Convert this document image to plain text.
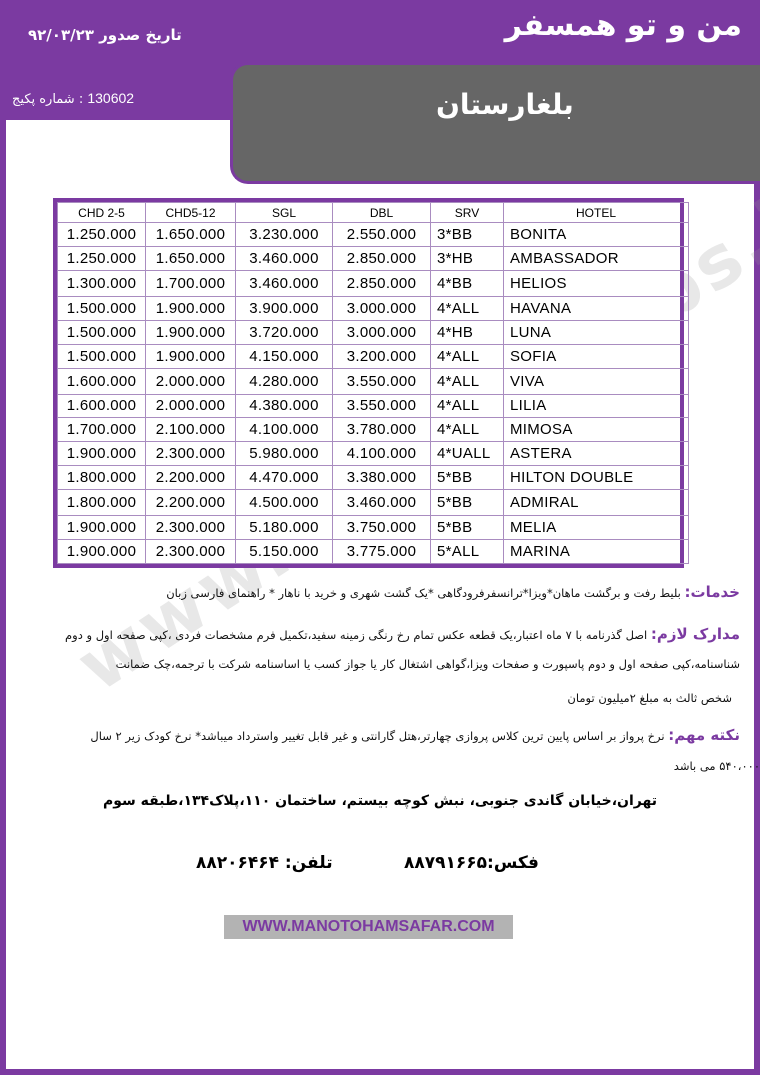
من و تو همسفر
تاریخ صدور ۹۲/۰۳/۲۳
130602 : شماره پکیج	بلغارستان
CHD 2-5	CHD5-12	SGL	DBL	SRV	HOTEL
1.250.000	1.650.000	3.230.000	2.550.000	3*BB	BONITA
1.250.000	1.650.000	3.460.000	2.850.000	3*HB	AMBASSADOR
1.300.000	1.700.000	3.460.000	2.850.000	4*BB	HELIOS
1.500.000	1.900.000	3.900.000	3.000.000	4*ALL	HAVANA
1.500.000	1.900.000	3.720.000	3.000.000	4*HB	LUNA
1.500.000	1.900.000	4.150.000	3.200.000	4*ALL	SOFIA
1.600.000	2.000.000	4.280.000	3.550.000	4*ALL	VIVA
1.600.000	2.000.000	4.380.000	3.550.000	4*ALL	LILIA
1.700.000	2.100.000	4.100.000	3.780.000	4*ALL	MIMOSA
1.900.000	2.300.000	5.980.000	4.100.000	4*UALL	ASTERA
1.800.000	2.200.000	4.470.000	3.380.000	5*BB	HILTON DOUBLE
1.800.000	2.200.000	4.500.000	3.460.000	5*BB	ADMIRAL
1.900.000	2.300.000	5.180.000	3.750.000	5*BB	MELIA
1.900.000	2.300.000	5.150.000	3.775.000	5*ALL	MARINA
خدمات: بلیط رفت و برگشت ماهان*ویزا*ترانسفرفرودگاهی *یک گشت شهری و خرید با ناهار * راهنمای فارسی زبان
مدارک لازم: اصل گذرنامه با ۷ ماه اعتبار،یک قطعه عکس تمام رخ رنگی زمینه سفید،تکمیل فرم مشخصات فردی ،کپی صفحه اول و دوم
شناسنامه،کپی صفحه اول و دوم پاسپورت و صفحات ویزا،گواهی اشتغال کار یا جواز کسب یا اساسنامه شرکت با ترجمه،چک ضمانت
شخص ثالث به مبلغ ۲میلیون تومان
نکته مهم: نرخ پرواز بر اساس پایین ترین کلاس پروازی چهارتر،هتل گارانتی و غیر قابل تغییر واسترداد میباشد* نرخ کودک زیر ۲ سال
۵۴۰،۰۰۰ می باشد
تهران،خیابان گاندی جنوبی، نبش کوچه بیستم، ساختمان ۱۱۰،پلاک۱۳۴،طبقه سوم
تلفن: ۸۸۲۰۶۴۶۴	فکس:۸۸۷۹۱۶۶۵
WWW.MANOTOHAMSAFAR.COM
